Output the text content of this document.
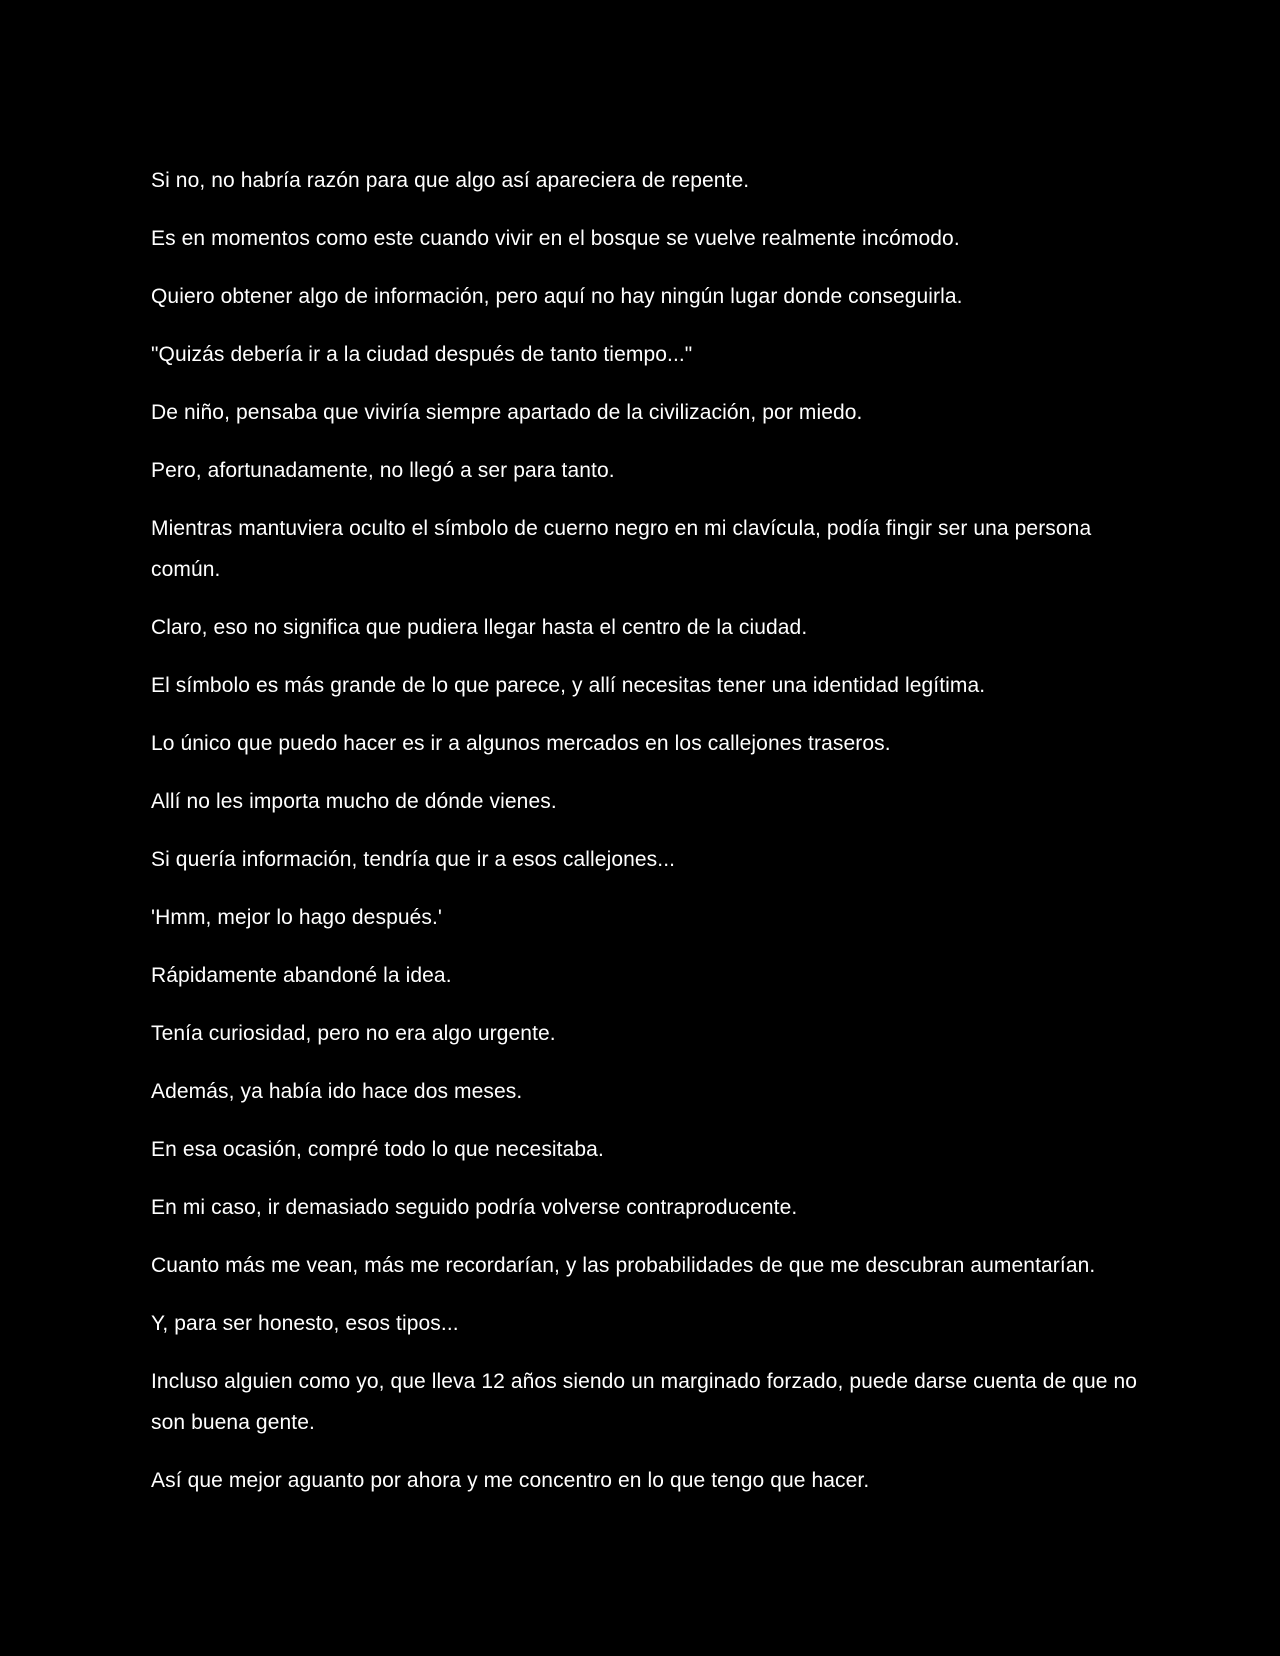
Si no, no habría razón para que algo así apareciera de repente.

Es en momentos como este cuando vivir en el bosque se vuelve realmente incómodo.

Quiero obtener algo de información, pero aquí no hay ningún lugar donde conseguirla.

"Quizás debería ir a la ciudad después de tanto tiempo..."

De niño, pensaba que viviría siempre apartado de la civilización, por miedo.

Pero, afortunadamente, no llegó a ser para tanto.

Mientras mantuviera oculto el símbolo de cuerno negro en mi clavícula, podía fingir ser una persona común.

Claro, eso no significa que pudiera llegar hasta el centro de la ciudad.

El símbolo es más grande de lo que parece, y allí necesitas tener una identidad legítima.

Lo único que puedo hacer es ir a algunos mercados en los callejones traseros.

Allí no les importa mucho de dónde vienes.

Si quería información, tendría que ir a esos callejones...

'Hmm, mejor lo hago después.'

Rápidamente abandoné la idea.

Tenía curiosidad, pero no era algo urgente.

Además, ya había ido hace dos meses.

En esa ocasión, compré todo lo que necesitaba.

En mi caso, ir demasiado seguido podría volverse contraproducente.

Cuanto más me vean, más me recordarían, y las probabilidades de que me descubran aumentarían.

Y, para ser honesto, esos tipos...

Incluso alguien como yo, que lleva 12 años siendo un marginado forzado, puede darse cuenta de que no son buena gente.

Así que mejor aguanto por ahora y me concentro en lo que tengo que hacer.
